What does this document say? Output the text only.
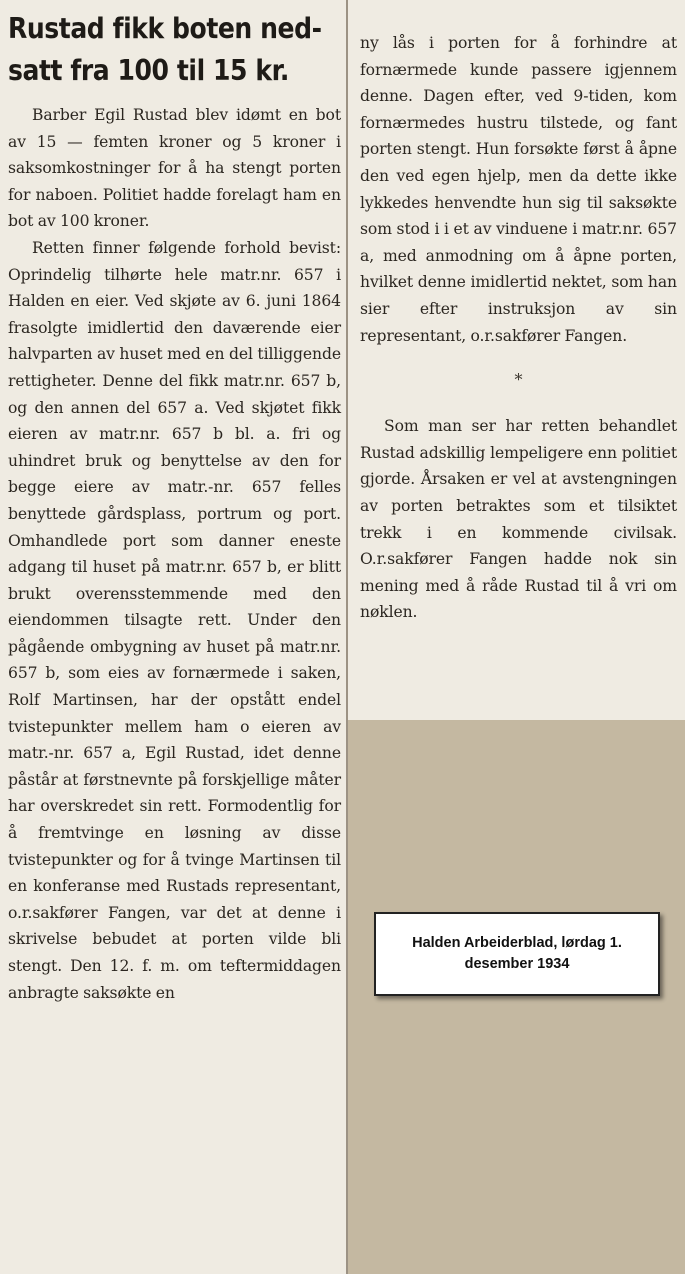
Rustad fikk boten ned-
satt fra 100 til 15 kr.

Barber Egil Rustad blev idømt en bot av 15 — femten kroner og 5 kroner i saksomkostninger for å ha stengt porten for naboen. Politiet hadde forelagt ham en bot av 100 kroner.

Retten finner følgende forhold bevist: Oprindelig tilhørte hele matr.nr. 657 i Halden en eier. Ved skjøte av 6. juni 1864 frasolgte imidlertid den daværende eier halvparten av huset med en del tilliggende rettigheter. Denne del fikk matr.nr. 657 b, og den annen del 657 a. Ved skjøtet fikk eieren av matr.nr. 657 b bl. a. fri og uhindret bruk og benyttelse av den for begge eiere av matr.-nr. 657 felles benyttede gårdsplass, portrum og port. Omhandlede port som danner eneste adgang til huset på matr.nr. 657 b, er blitt brukt overensstemmende med den eiendommen tilsagte rett. Under den pågående ombygning av huset på matr.nr. 657 b, som eies av fornærmede i saken, Rolf Martinsen, har der opstått endel tvistepunkter mellem ham o eieren av matr.-nr. 657 a, Egil Rustad, idet denne påstår at førstnevnte på forskjellige måter har overskredet sin rett. Formodentlig for å fremtvinge en løsning av disse tvistepunkter og for å tvinge Martinsen til en konferanse med Rustads representant, o.r.sakfører Fangen, var det at denne i skrivelse bebudet at porten vilde bli stengt. Den 12. f. m. om teftermiddagen anbragte saksøkte en

ny lås i porten for å forhindre at fornærmede kunde passere igjennem denne. Dagen efter, ved 9-tiden, kom fornærmedes hustru tilstede, og fant porten stengt. Hun forsøkte først å åpne den ved egen hjelp, men da dette ikke lykkedes henvendte hun sig til saksøkte som stod i i et av vinduene i matr.nr. 657 a, med anmodning om å åpne porten, hvilket denne imidlertid nektet, som han sier efter instruksjon av sin representant, o.r.sakfører Fangen.

*

Som man ser har retten behandlet Rustad adskillig lempeligere enn politiet gjorde. Årsaken er vel at avstengningen av porten betraktes som et tilsiktet trekk i en kommende civilsak. O.r.sakfører Fangen hadde nok sin mening med å råde Rustad til å vri om nøklen.

Halden Arbeiderblad, lørdag 1. desember 1934
